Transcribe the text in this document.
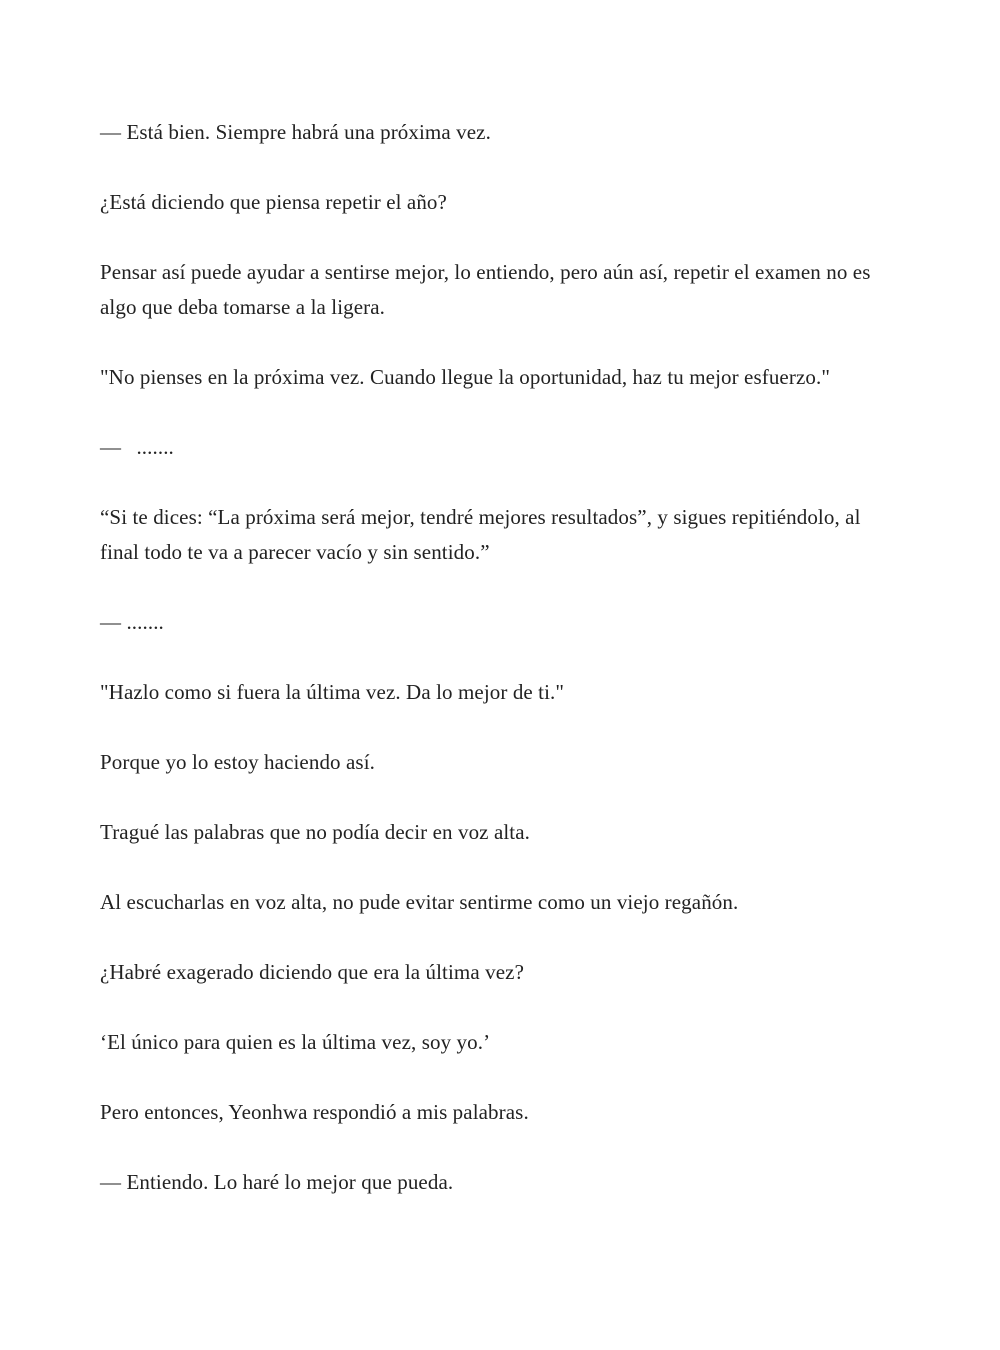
— Está bien. Siempre habrá una próxima vez.

¿Está diciendo que piensa repetir el año?

Pensar así puede ayudar a sentirse mejor, lo entiendo, pero aún así, repetir el examen no es algo que deba tomarse a la ligera.

"No pienses en la próxima vez. Cuando llegue la oportunidad, haz tu mejor esfuerzo."

— .......

“Si te dices: “La próxima será mejor, tendré mejores resultados”, y sigues repitiéndolo, al final todo te va a parecer vacío y sin sentido.”

— .......

"Hazlo como si fuera la última vez. Da lo mejor de ti."

Porque yo lo estoy haciendo así.

Tragué las palabras que no podía decir en voz alta.

Al escucharlas en voz alta, no pude evitar sentirme como un viejo regañón.

¿Habré exagerado diciendo que era la última vez?

‘El único para quien es la última vez, soy yo.’

Pero entonces, Yeonhwa respondió a mis palabras.

— Entiendo. Lo haré lo mejor que pueda.
